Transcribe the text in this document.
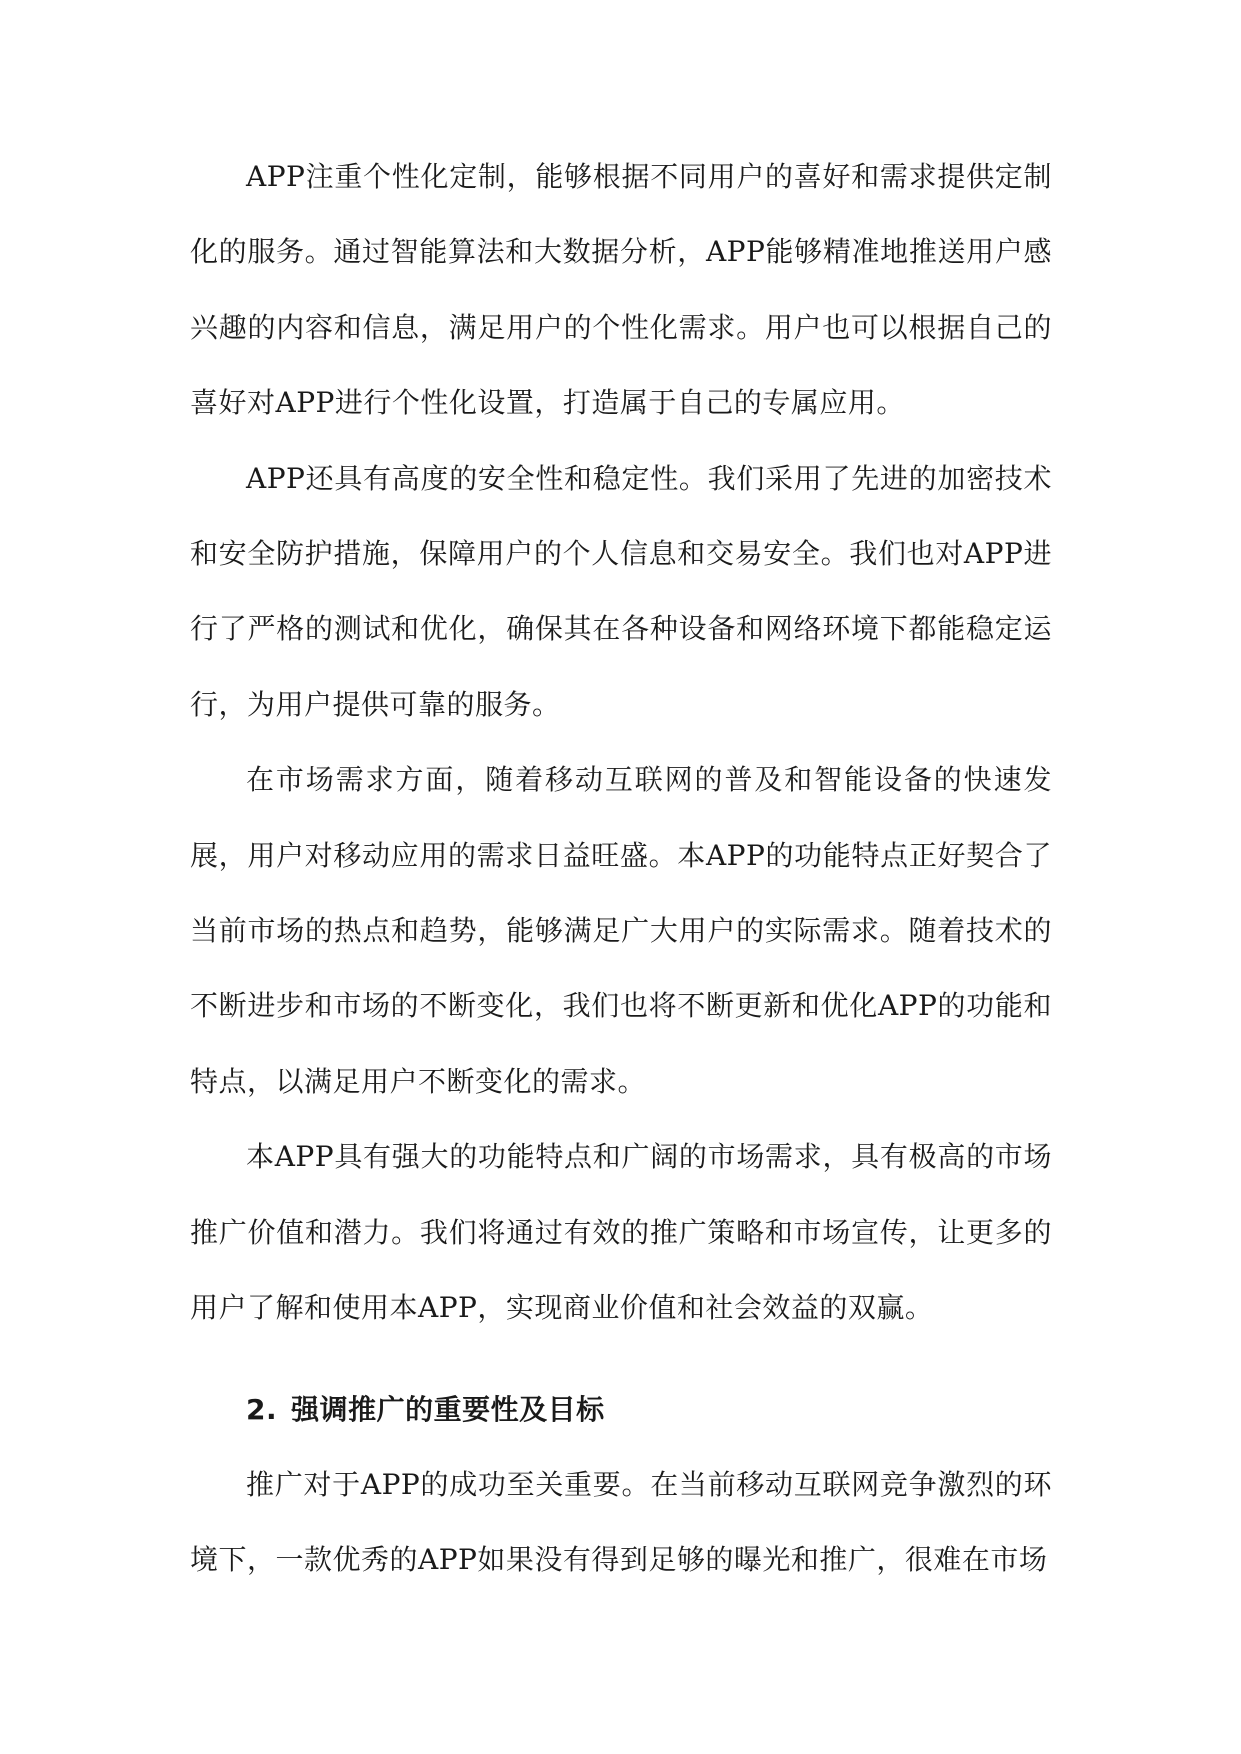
APP注重个性化定制，能够根据不同用户的喜好和需求提供定制化的服务。通过智能算法和大数据分析，APP能够精准地推送用户感兴趣的内容和信息，满足用户的个性化需求。用户也可以根据自己的喜好对APP进行个性化设置，打造属于自己的专属应用。

APP还具有高度的安全性和稳定性。我们采用了先进的加密技术和安全防护措施，保障用户的个人信息和交易安全。我们也对APP进行了严格的测试和优化，确保其在各种设备和网络环境下都能稳定运行，为用户提供可靠的服务。

在市场需求方面，随着移动互联网的普及和智能设备的快速发展，用户对移动应用的需求日益旺盛。本APP的功能特点正好契合了当前市场的热点和趋势，能够满足广大用户的实际需求。随着技术的不断进步和市场的不断变化，我们也将不断更新和优化APP的功能和特点，以满足用户不断变化的需求。

本APP具有强大的功能特点和广阔的市场需求，具有极高的市场推广价值和潜力。我们将通过有效的推广策略和市场宣传，让更多的用户了解和使用本APP，实现商业价值和社会效益的双赢。

2. 强调推广的重要性及目标

推广对于APP的成功至关重要。在当前移动互联网竞争激烈的环境下，一款优秀的APP如果没有得到足够的曝光和推广，很难在市场
